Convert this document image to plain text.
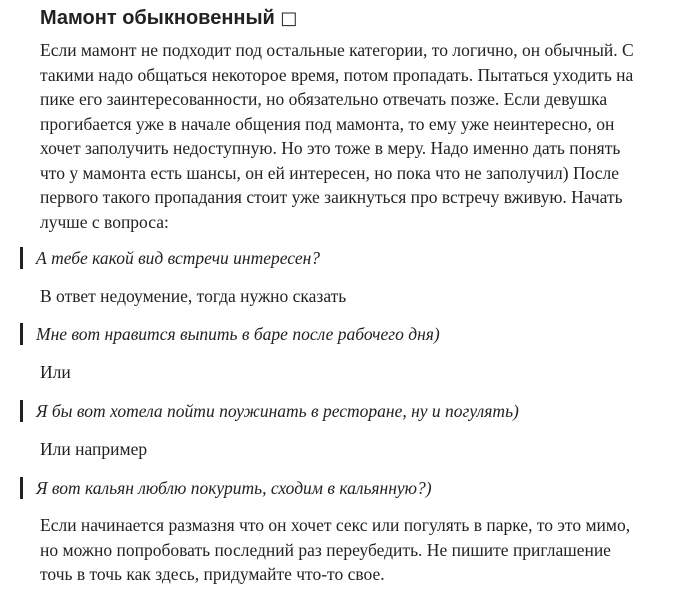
Мамонт обыкновенный □

Если мамонт не подходит под остальные категории, то логично, он обычный. С
такими надо общаться некоторое время, потом пропадать. Пытаться уходить на
пике его заинтересованности, но обязательно отвечать позже. Если девушка
прогибается уже в начале общения под мамонта, то ему уже неинтересно, он
хочет заполучить недоступную. Но это тоже в меру. Надо именно дать понять
что у мамонта есть шансы, он ей интересен, но пока что не заполучил) После
первого такого пропадания стоит уже заикнуться про встречу вживую. Начать
лучше с вопроса:

А тебе какой вид встречи интересен?

В ответ недоумение, тогда нужно сказать

Мне вот нравится выпить в баре после рабочего дня)

Или

Я бы вот хотела пойти поужинать в ресторане, ну и погулять)

Или например

Я вот кальян люблю покурить, сходим в кальянную?)

Если начинается размазня что он хочет секс или погулять в парке, то это мимо,
но можно попробовать последний раз переубедить. Не пишите приглашение
точь в точь как здесь, придумайте что-то свое.
